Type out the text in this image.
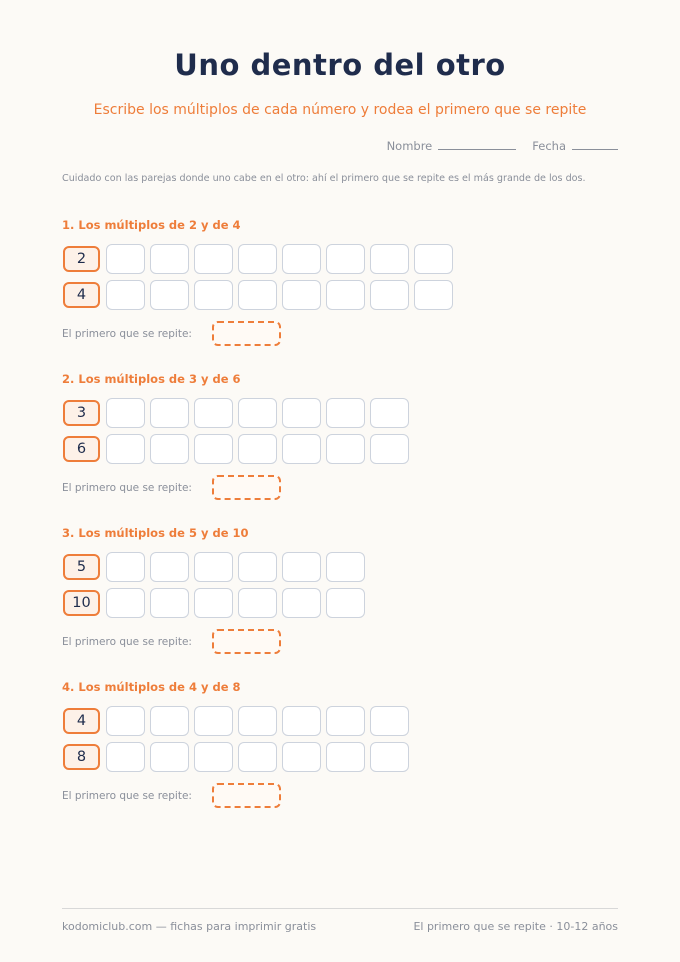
Uno dentro del otro
Escribe los múltiplos de cada número y rodea el primero que se repite
Nombre	Fecha
Cuidado con las parejas donde uno cabe en el otro: ahí el primero que se repite es el más grande de los dos.
1. Los múltiplos de 2 y de 4
2
4
El primero que se repite:
2. Los múltiplos de 3 y de 6
3
6
El primero que se repite:
3. Los múltiplos de 5 y de 10
5
10
El primero que se repite:
4. Los múltiplos de 4 y de 8
4
8
El primero que se repite:
kodomiclub.com — fichas para imprimir gratis	El primero que se repite · 10-12 años
